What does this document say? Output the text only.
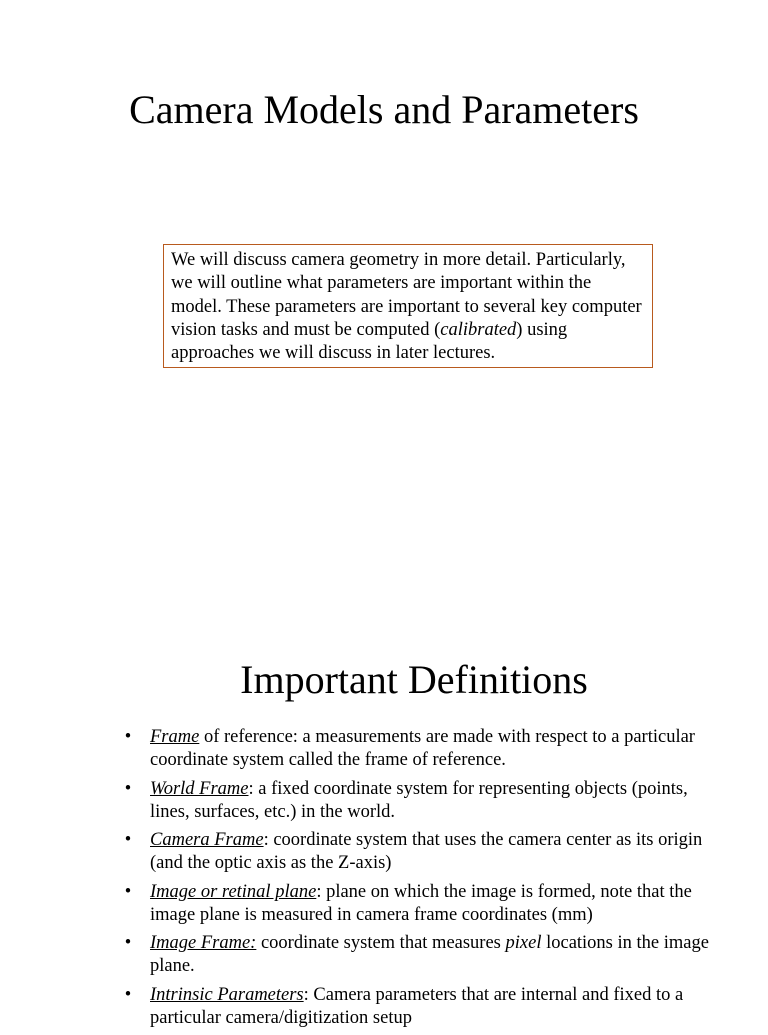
Camera Models and Parameters
We will discuss camera geometry in more detail. Particularly, we will outline what parameters are important within the model. These parameters are important to several key computer vision tasks and must be computed (calibrated) using approaches we will discuss in later lectures.
Important Definitions
• Frame of reference: a measurements are made with respect to a particular coordinate system called the frame of reference.
• World Frame: a fixed coordinate system for representing objects (points, lines, surfaces, etc.) in the world.
• Camera Frame: coordinate system that uses the camera center as its origin (and the optic axis as the Z-axis)
• Image or retinal plane: plane on which the image is formed, note that the image plane is measured in camera frame coordinates (mm)
• Image Frame: coordinate system that measures pixel locations in the image plane.
• Intrinsic Parameters: Camera parameters that are internal and fixed to a particular camera/digitization setup
